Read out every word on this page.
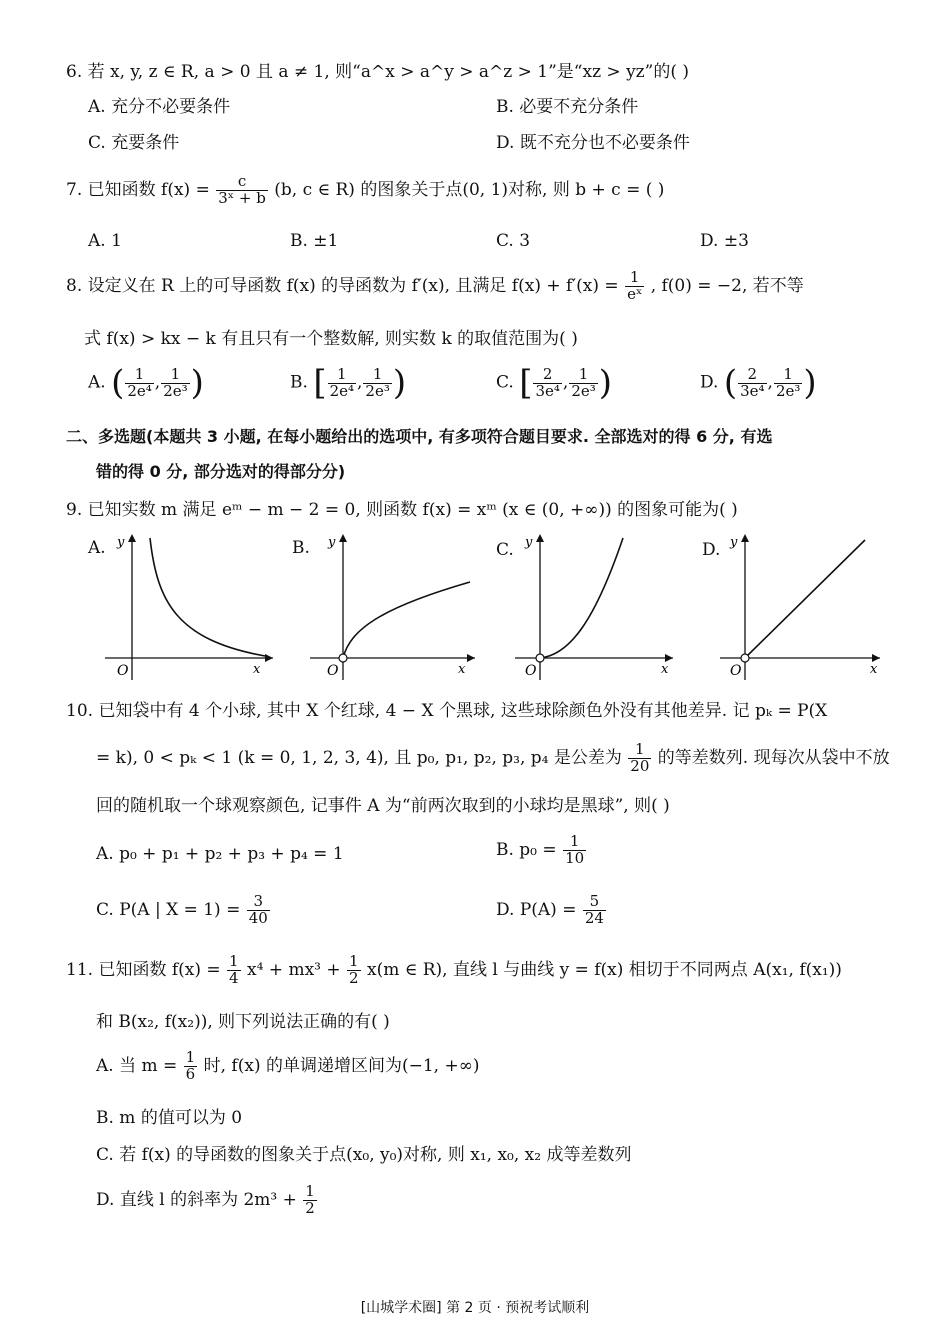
6. 若 x, y, z ∈ R, a > 0 且 a ≠ 1, 则“a^x > a^y > a^z > 1”是“xz > yz”的( )
A. 充分不必要条件	B. 必要不充分条件
C. 充要条件	D. 既不充分也不必要条件
7. 已知函数 $f(x) = \frac{c}{\text{3ˣ + b}} (b$, c ∈ R) 的图象关于点(0, 1)对称, 则 b + c = ( )
A. 1	B. ±1	C. 3	D. ±3
8. 设定义在 R 上的可导函数 f(x) 的导函数为 f′(x), 且满足 $f(x) + f'(x) = \frac{1}{\text{eˣ}}$ , f(0) = −2, 若不等
式 f(x) > kx − k 有且只有一个整数解, 则实数 k 的取值范围为( )
A. ( $\frac{1}{\text{2e⁴}}$ , $\frac{1}{\text{2e³}}$ )	B. [ $\frac{1}{\text{2e⁴}}$ , $\frac{1}{\text{2e³}}$ )	C. [ $\frac{2}{\text{3e⁴}}$ , $\frac{1}{\text{2e³}}$ )	D. ( $\frac{2}{\text{3e⁴}}$ , $\frac{1}{\text{2e³}}$ )
二、多选题(本题共 3 小题, 在每小题给出的选项中, 有多项符合题目要求. 全部选对的得 6 分, 有选
错的得 0 分, 部分选对的得部分分)
9. 已知实数 m 满足 eᵐ − m − 2 = 0, 则函数 f(x) = xᵐ (x ∈ (0, +∞)) 的图象可能为( )
A.	B.	C.	D.
y
x
O
y
x
O
y
x
O
y
x
O
10. 已知袋中有 4 个小球, 其中 X 个红球, 4 − X 个黑球, 这些球除颜色外没有其他差异. 记 pₖ = P(X
= k), 0 < pₖ < 1 (k = 0, 1, 2, 3, 4), 且 p₀, p₁, p₂, p₃, p₄ 是公差为 $\frac{1}{20}$ 的等差数列. 现每次从袋中不放
回的随机取一个球观察颜色, 记事件 A 为“前两次取到的小球均是黑球”, 则( )
A. p₀ + p₁ + p₂ + p₃ + p₄ = 1	B. $p_0 = \frac{1}{10}$
C. P(A | $X = 1) = \frac{3}{40}$	D. $P(A) = \frac{5}{24}$
11. 已知函数 $f(x) = \frac{1}{4} x^4 + mx^3 + \frac{1}{2} x(m$ ∈ R), 直线 l 与曲线 y = f(x) 相切于不同两点 A(x₁, f(x₁))
和 B(x₂, f(x₂)), 则下列说法正确的有( )
A. 当 $m = \frac{1}{6}$ 时, f(x) 的单调递增区间为(−1, +∞)
B. m 的值可以为 0
C. 若 f(x) 的导函数的图象关于点(x₀, y₀)对称, 则 x₁, x₀, x₂ 成等差数列
D. 直线 l 的斜率为 $2m^3 + \frac{1}{2}$
[山城学术圈] 第 2 页 · 预祝考试顺利
